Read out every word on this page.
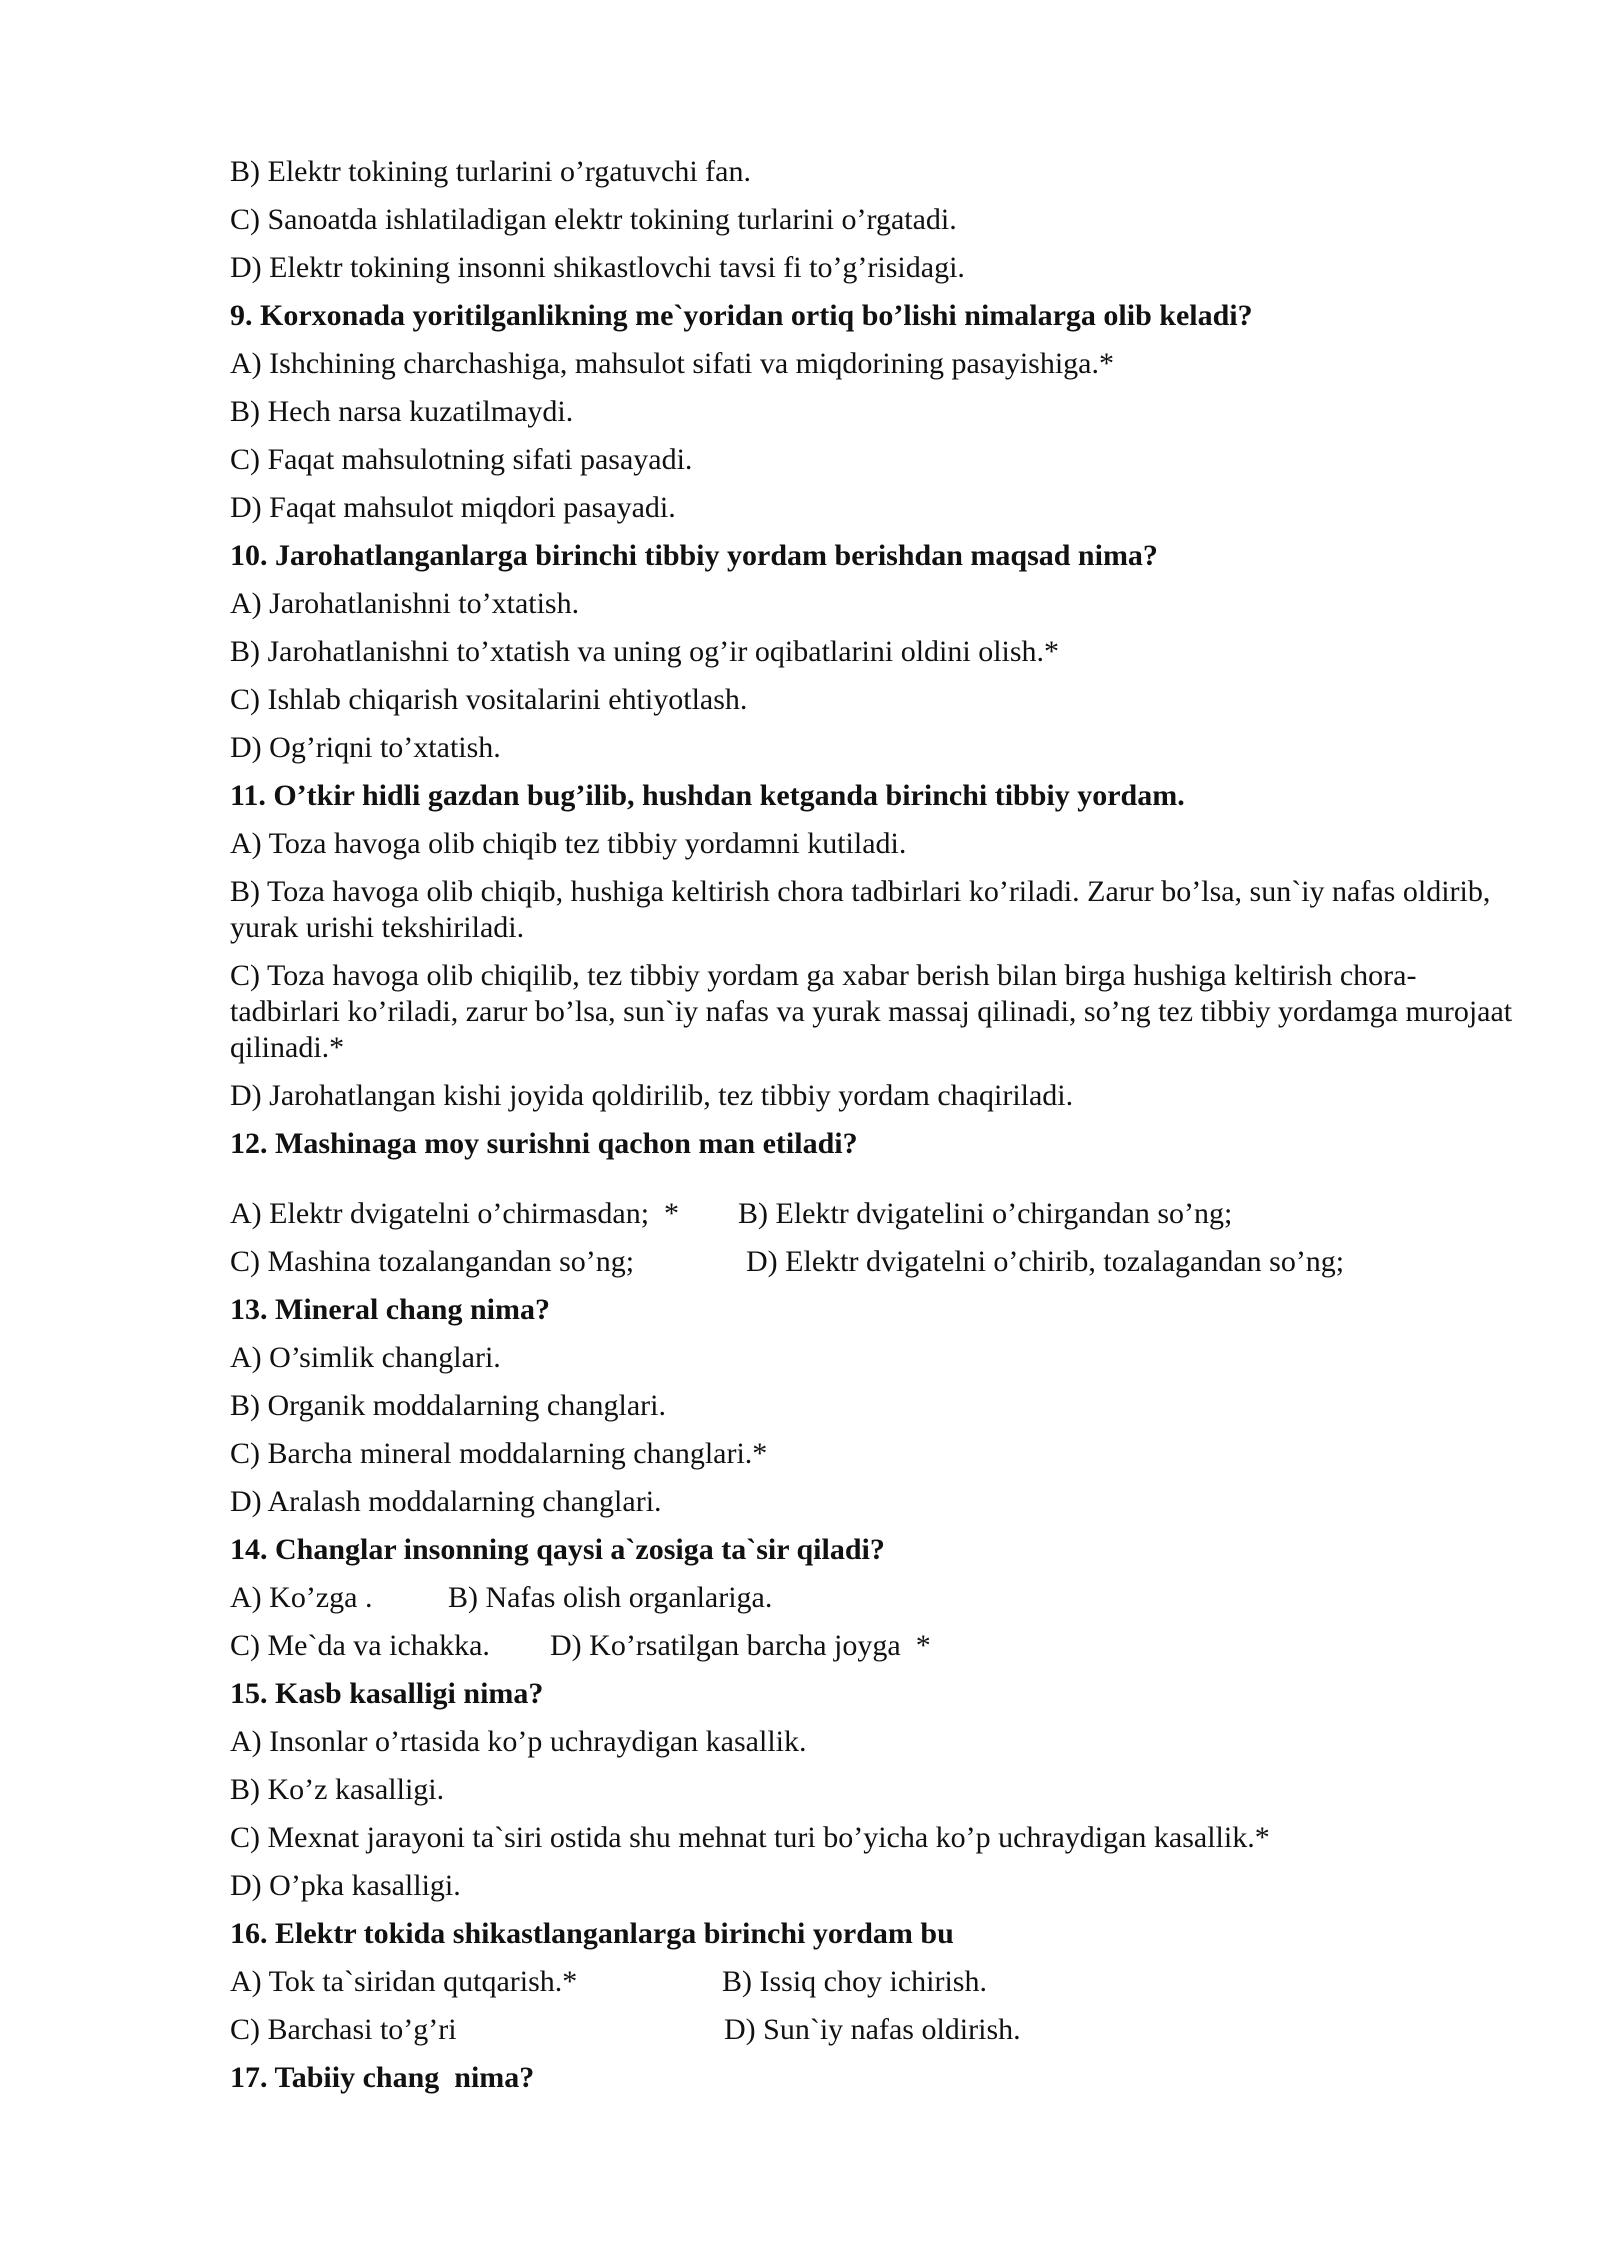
B) Elektr tokining turlarini o’rgatuvchi fan.
C) Sanoatda ishlatiladigan elektr tokining turlarini o’rgatadi.
D) Elektr tokining insonni shikastlovchi tavsi fi to’g’risidagi.
9. Korxonada yoritilganlikning me`yoridan ortiq bo’lishi nimalarga olib keladi?
A) Ishchining charchashiga, mahsulot sifati va miqdorining pasayishiga.*
B) Hech narsa kuzatilmaydi.
C) Faqat mahsulotning sifati pasayadi.
D) Faqat mahsulot miqdori pasayadi.
10. Jarohatlanganlarga birinchi tibbiy yordam berishdan maqsad nima?
A) Jarohatlanishni to’xtatish.
B) Jarohatlanishni to’xtatish va uning og’ir oqibatlarini oldini olish.*
C) Ishlab chiqarish vositalarini ehtiyotlash.
D) Og’riqni to’xtatish.
11. O’tkir hidli gazdan bug’ilib, hushdan ketganda birinchi tibbiy yordam.
A) Toza havoga olib chiqib tez tibbiy yordamni kutiladi.
B) Toza havoga olib chiqib, hushiga keltirish chora tadbirlari ko’riladi. Zarur bo’lsa, sun`iy nafas oldirib, yurak urishi tekshiriladi.
C) Toza havoga olib chiqilib, tez tibbiy yordam ga xabar berish bilan birga hushiga keltirish chora-tadbirlari ko’riladi, zarur bo’lsa, sun`iy nafas va yurak massaj qilinadi, so’ng tez tibbiy yordamga murojaat qilinadi.*
D) Jarohatlangan kishi joyida qoldirilib, tez tibbiy yordam chaqiriladi.
12. Mashinaga moy surishni qachon man etiladi?
A) Elektr dvigatelni o’chirmasdan;  *	B) Elektr dvigatelini o’chirgandan so’ng;
C) Mashina tozalangandan so’ng;	D) Elektr dvigatelni o’chirib, tozalagandan so’ng;
13. Mineral chang nima?
A) O’simlik changlari.
B) Organik moddalarning changlari.
C) Barcha mineral moddalarning changlari.*
D) Aralash moddalarning changlari.
14. Changlar insonning qaysi a`zosiga ta`sir qiladi?
A) Ko’zga .	B) Nafas olish organlariga.
C) Me`da va ichakka.	D) Ko’rsatilgan barcha joyga  *
15. Kasb kasalligi nima?
A) Insonlar o’rtasida ko’p uchraydigan kasallik.
B) Ko’z kasalligi.
C) Mexnat jarayoni ta`siri ostida shu mehnat turi bo’yicha ko’p uchraydigan kasallik.*
D) O’pka kasalligi.
16. Elektr tokida shikastlanganlarga birinchi yordam bu
A) Tok ta`siridan qutqarish.*	B) Issiq choy ichirish.
C) Barchasi to’g’ri	D) Sun`iy nafas oldirish.
17. Tabiiy chang  nima?
